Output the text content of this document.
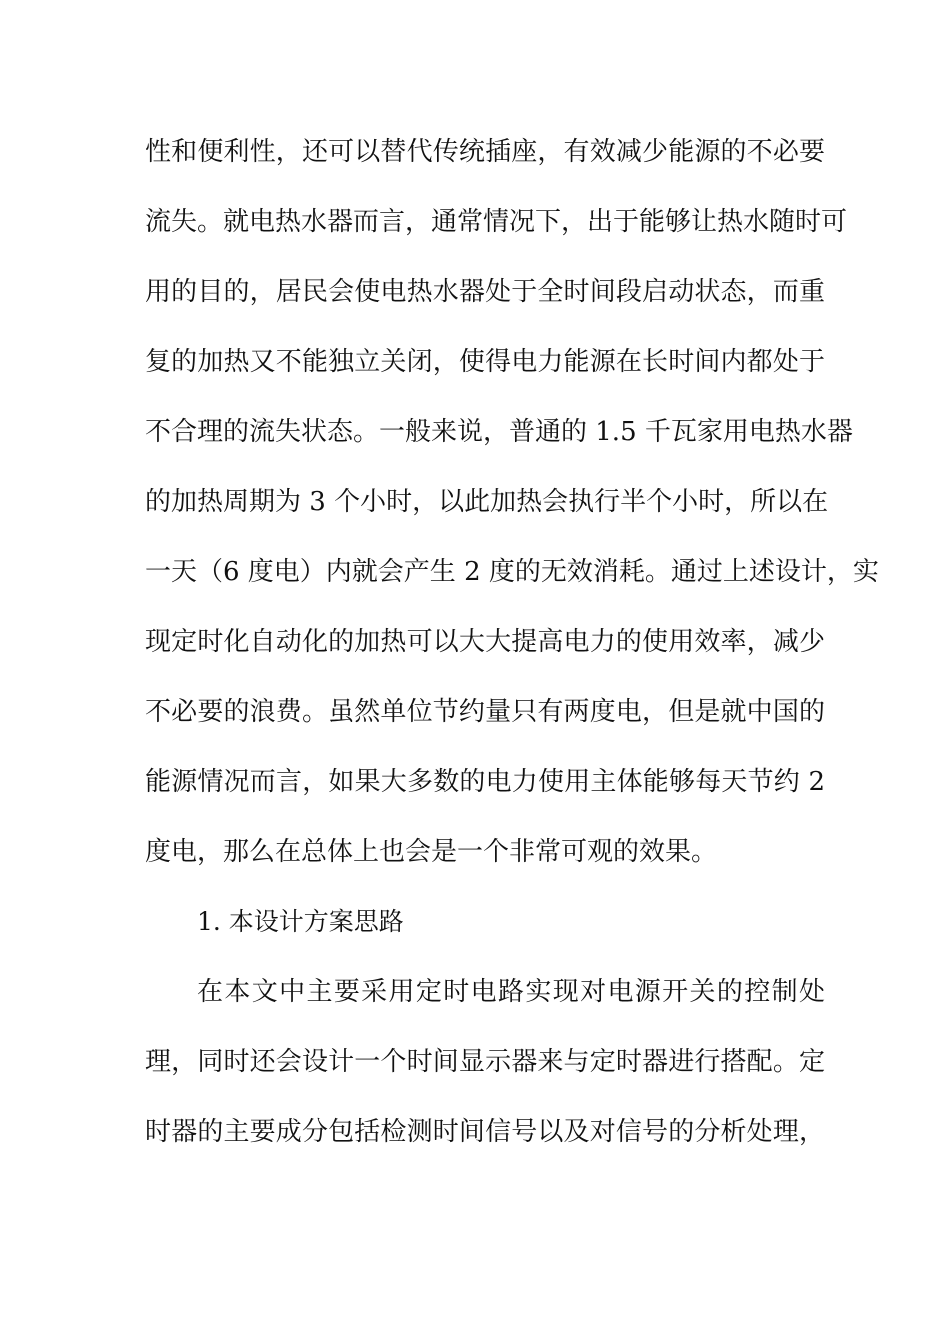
性和便利性，还可以替代传统插座，有效减少能源的不必要
流失。就电热水器而言，通常情况下，出于能够让热水随时可
用的目的，居民会使电热水器处于全时间段启动状态，而重
复的加热又不能独立关闭，使得电力能源在长时间内都处于
不合理的流失状态。一般来说，普通的 1.5 千瓦家用电热水器
的加热周期为 3 个小时，以此加热会执行半个小时，所以在
一天（6 度电）内就会产生 2 度的无效消耗。通过上述设计，实
现定时化自动化的加热可以大大提高电力的使用效率，减少
不必要的浪费。虽然单位节约量只有两度电，但是就中国的
能源情况而言，如果大多数的电力使用主体能够每天节约 2
度电，那么在总体上也会是一个非常可观的效果。
1. 本设计方案思路
在本文中主要采用定时电路实现对电源开关的控制处
理，同时还会设计一个时间显示器来与定时器进行搭配。定
时器的主要成分包括检测时间信号以及对信号的分析处理，
